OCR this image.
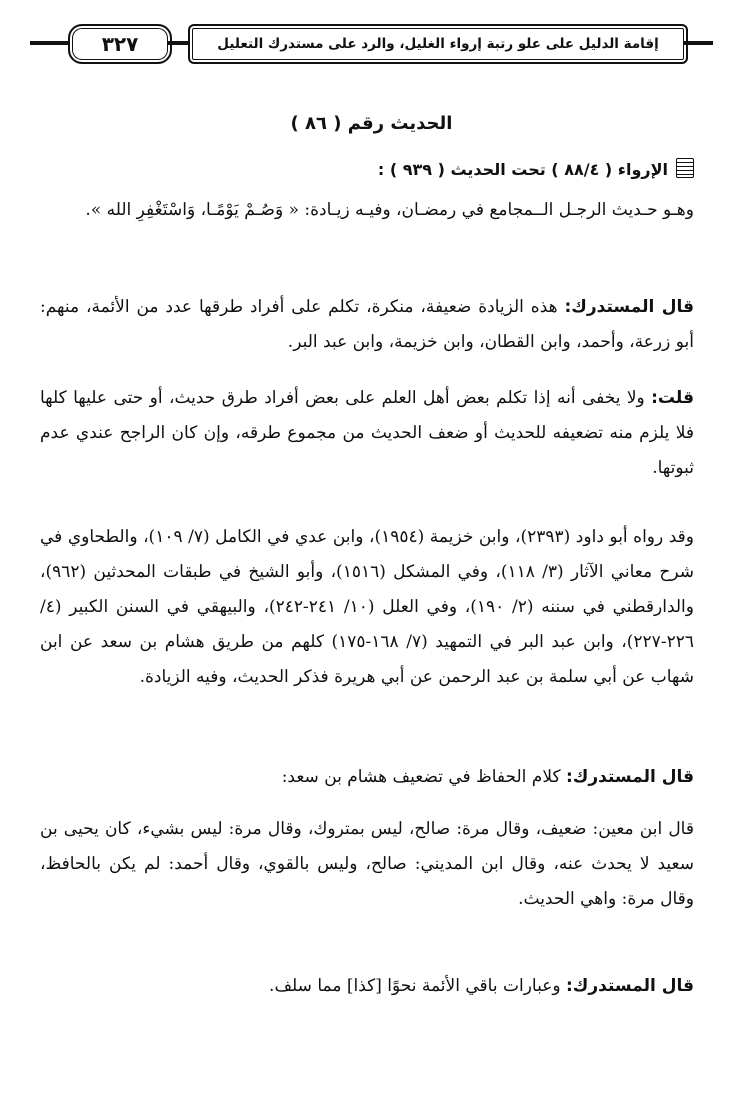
٣٢٧	إقامة الدليل على علو رتبة إرواء الغليل، والرد على مستدرك التعليل
الحديث رقم ( ٨٦ )
الإرواء ( ٨٨/٤ ) تحت الحديث ( ٩٣٩ ) :
وهـو حـديث الرجـل الــمجامع في رمضـان، وفيـه زيـادة: « وَصُـمْ يَوْمًـا، وَاسْتَغْفِرِ الله ».
قال المستدرك: هذه الزيادة ضعيفة، منكرة، تكلم على أفراد طرقها عدد من الأئمة، منهم: أبو زرعة، وأحمد، وابن القطان، وابن خزيمة، وابن عبد البر.
قلت: ولا يخفى أنه إذا تكلم بعض أهل العلم على بعض أفراد طرق حديث، أو حتى عليها كلها فلا يلزم منه تضعيفه للحديث أو ضعف الحديث من مجموع طرقه، وإن كان الراجح عندي عدم ثبوتها.
وقد رواه أبو داود (٢٣٩٣)، وابن خزيمة (١٩٥٤)، وابن عدي في الكامل (٧/ ١٠٩)، والطحاوي في شرح معاني الآثار (٣/ ١١٨)، وفي المشكل (١٥١٦)، وأبو الشيخ في طبقات المحدثين (٩٦٢)، والدارقطني في سننه (٢/ ١٩٠)، وفي العلل (١٠/ ٢٤١-٢٤٢)، والبيهقي في السنن الكبير (٤/ ٢٢٦-٢٢٧)، وابن عبد البر في التمهيد (٧/ ١٦٨-١٧٥) كلهم من طريق هشام بن سعد عن ابن شهاب عن أبي سلمة بن عبد الرحمن عن أبي هريرة فذكر الحديث، وفيه الزيادة.
قال المستدرك: كلام الحفاظ في تضعيف هشام بن سعد:
قال ابن معين: ضعيف، وقال مرة: صالح، ليس بمتروك، وقال مرة: ليس بشيء، كان يحيى بن سعيد لا يحدث عنه، وقال ابن المديني: صالح، وليس بالقوي، وقال أحمد: لم يكن بالحافظ، وقال مرة: واهي الحديث.
قال المستدرك: وعبارات باقي الأئمة نحوًا [كذا] مما سلف.
